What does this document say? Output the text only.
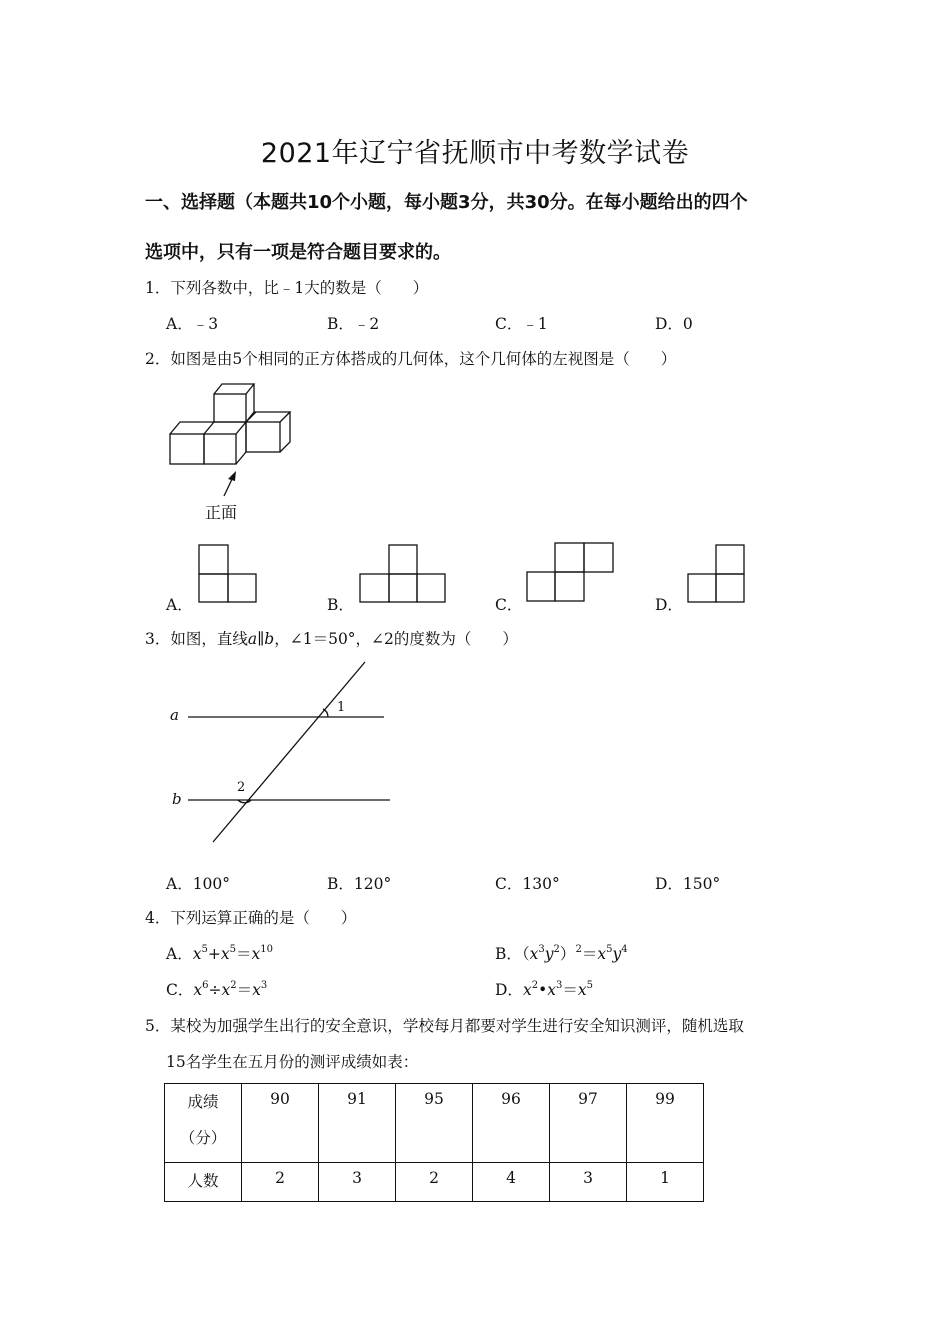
2021年辽宁省抚顺市中考数学试卷
一、选择题（本题共10个小题，每小题3分，共30分。在每小题给出的四个
选项中，只有一项是符合题目要求的。
1．下列各数中，比﹣1大的数是（　　）
A．﹣3	B．﹣2	C．﹣1	D．0
2．如图是由5个相同的正方体搭成的几何体，这个几何体的左视图是（　　）
正面
A．	B．	C．	D．
3．如图，直线a∥b，∠1＝50°，∠2的度数为（　　）
a
b
1
2
A．100°	B．120°	C．130°	D．150°
4．下列运算正确的是（　　）
A．$x^5+x^5=x^{10}$	B．$(x^3y^2)^2=x^5y^4$
C．$x^6\div x^2=x^3$	D．$x^2•x^3=x^5$
5．某校为加强学生出行的安全意识，学校每月都要对学生进行安全知识测评，随机选取
15名学生在五月份的测评成绩如表：
成绩
（分）	90	91	95	96	97	99
人数	2	3	2	4	3	1
